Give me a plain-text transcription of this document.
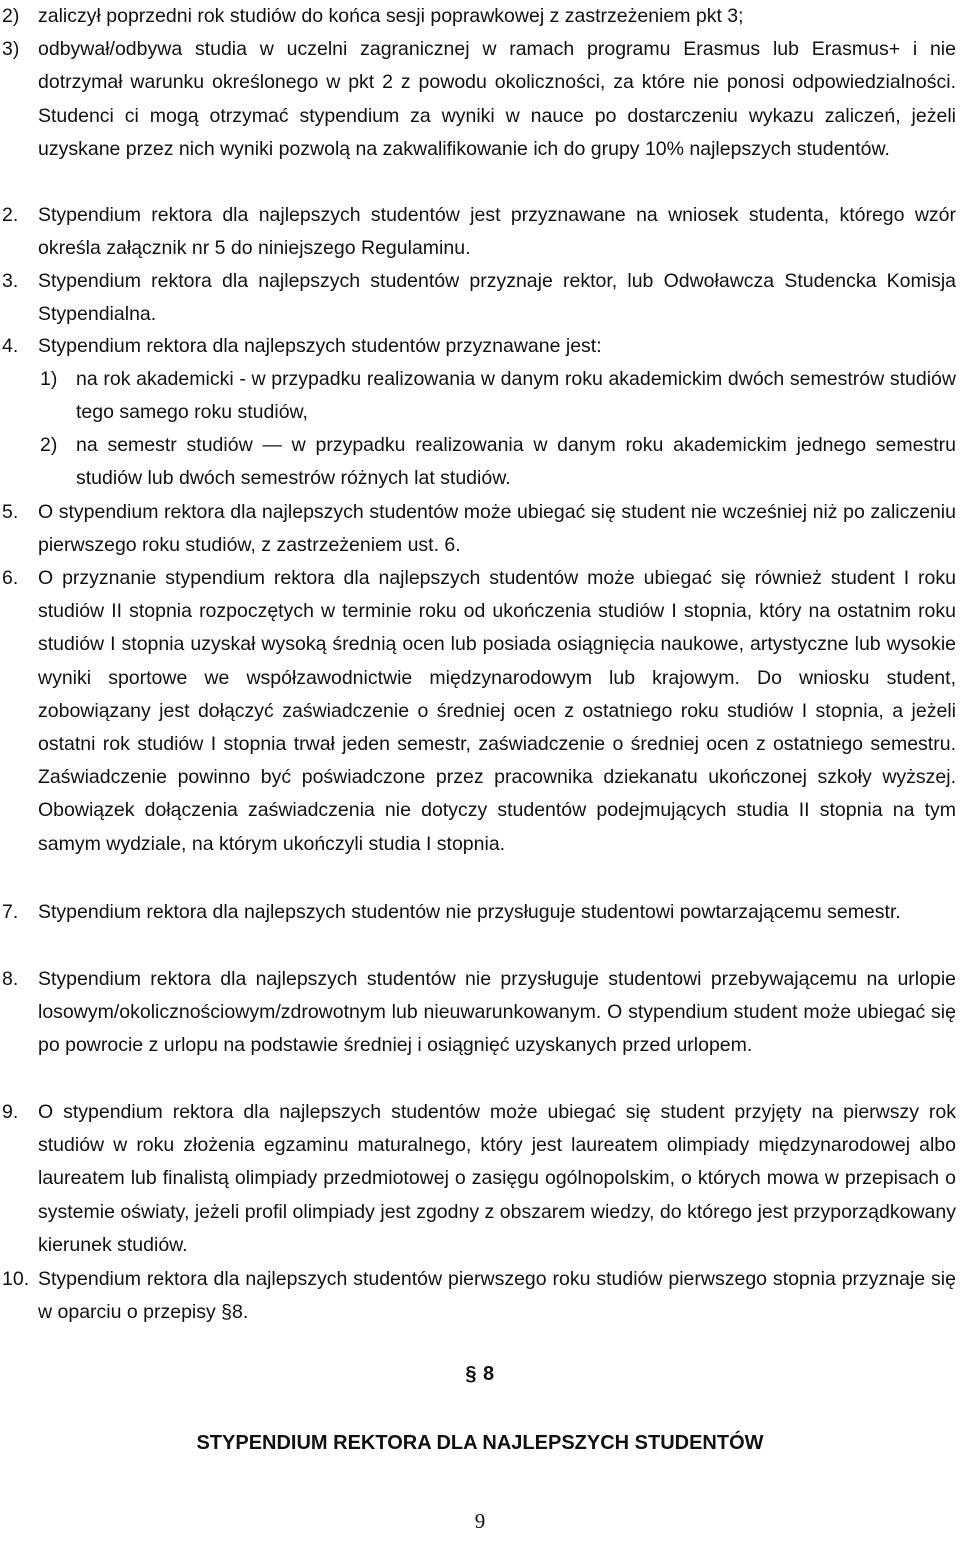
2) zaliczył poprzedni rok studiów do końca sesji poprawkowej z zastrzeżeniem pkt 3;

3) odbywał/odbywa studia w uczelni zagranicznej w ramach programu Erasmus lub Erasmus+ i nie dotrzymał warunku określonego w pkt 2 z powodu okoliczności, za które nie ponosi odpowiedzialności. Studenci ci mogą otrzymać stypendium za wyniki w nauce po dostarczeniu wykazu zaliczeń, jeżeli uzyskane przez nich wyniki pozwolą na zakwalifikowanie ich do grupy 10% najlepszych studentów.

2.	Stypendium rektora dla najlepszych studentów jest przyznawane na wniosek studenta, którego wzór określa załącznik nr 5 do niniejszego Regulaminu.

3.	Stypendium rektora dla najlepszych studentów przyznaje rektor, lub Odwoławcza Studencka Komisja Stypendialna.

4.	Stypendium rektora dla najlepszych studentów przyznawane jest:

1) na rok akademicki - w przypadku realizowania w danym roku akademickim dwóch semestrów studiów tego samego roku studiów,

2) na semestr studiów — w przypadku realizowania w danym roku akademickim jednego semestru studiów lub dwóch semestrów różnych lat studiów.

5.	O stypendium rektora dla najlepszych studentów może ubiegać się student nie wcześniej niż po zaliczeniu pierwszego roku studiów, z zastrzeżeniem ust. 6.

6.	O przyznanie stypendium rektora dla najlepszych studentów może ubiegać się również student I roku studiów II stopnia rozpoczętych w terminie roku od ukończenia studiów I stopnia, który na ostatnim roku studiów I stopnia uzyskał wysoką średnią ocen lub posiada osiągnięcia naukowe, artystyczne lub wysokie wyniki sportowe we współzawodnictwie międzynarodowym lub krajowym. Do wniosku student, zobowiązany jest dołączyć zaświadczenie o średniej ocen z ostatniego roku studiów I stopnia, a jeżeli ostatni rok studiów I stopnia trwał jeden semestr, zaświadczenie o średniej ocen z ostatniego semestru. Zaświadczenie powinno być poświadczone przez pracownika dziekanatu ukończonej szkoły wyższej. Obowiązek dołączenia zaświadczenia nie dotyczy studentów podejmujących studia II stopnia na tym samym wydziale, na którym ukończyli studia I stopnia.

7.	Stypendium rektora dla najlepszych studentów nie przysługuje studentowi powtarzającemu semestr.

8.	Stypendium rektora dla najlepszych studentów nie przysługuje studentowi przebywającemu na urlopie losowym/okolicznościowym/zdrowotnym lub nieuwarunkowanym. O stypendium student może ubiegać się po powrocie z urlopu na podstawie średniej i osiągnięć uzyskanych przed urlopem.

9.	O stypendium rektora dla najlepszych studentów może ubiegać się student przyjęty na pierwszy rok studiów w roku złożenia egzaminu maturalnego, który jest laureatem olimpiady międzynarodowej albo laureatem lub finalistą olimpiady przedmiotowej o zasięgu ogólnopolskim, o których mowa w przepisach o systemie oświaty, jeżeli profil olimpiady jest zgodny z obszarem wiedzy, do którego jest przyporządkowany kierunek studiów.

10. Stypendium rektora dla najlepszych studentów pierwszego roku studiów pierwszego stopnia przyznaje się w oparciu o przepisy §8.

§ 8
STYPENDIUM REKTORA DLA NAJLEPSZYCH STUDENTÓW
9
